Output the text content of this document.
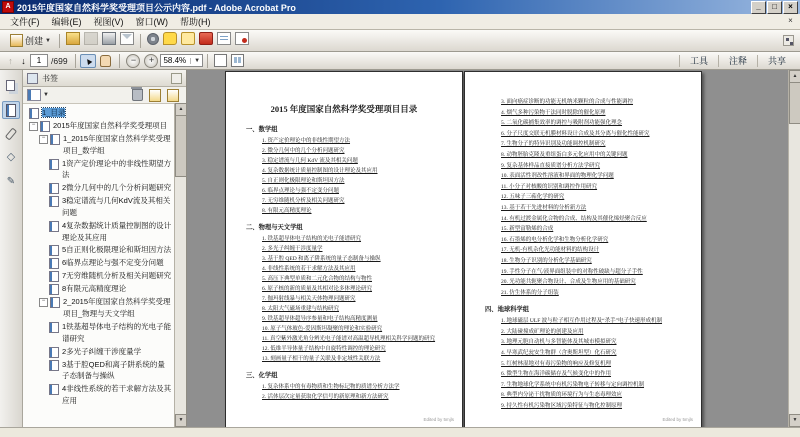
A 2015年度国家自然科学奖受理项目公示内容.pdf - Adobe Acrobat Pro	_	□	×
文件(F)	编辑(E)	视图(V)	窗口(W)	帮助(H)	×
创建 ▼
↑ ↓
1	/699 ▲	−	+	58.4%	▼	工具	注释	共享
◇
✎
书签
▼
1_目录
−	2015年度国家自然科学奖受理项目
−	1_2015年度国家自然科学奖受理项目_数学组
1资产定价理论中的非线性期望方法
2微分几何中的几个分析问题研究
3稳定谱流与几何KdV流及其相关问题
4复杂数据统计质量控制图的设计理论及其应用
5自正则化极限理论和斯坦因方法
6临界点理论与强不定变分问题
7无穷维随机分析及相关问题研究
8有限元高精度理论
−	2_2015年度国家自然科学奖受理项目_物理与天文学组
1铁基超导体电子结构的光电子能谱研究
2多光子纠缠干涉度量学
3基于腔QED和离子阱系统的量子态制备与操纵
4非线性系统的若干求解方法及其应用
▲
▼
2015 年度国家自然科学奖受理项目目录
一、数学组
1. 资产定价理论中的非线性期望方法
2. 微分几何中的几个分析问题研究
3. 稳定谱流与几何 KdV 流及其相关问题
4. 复杂数据统计质量控制图的设计理论及其应用
5. 自正则化极限理论和斯坦因方法
6. 临界点理论与强不定变分问题
7. 无穷维随机分析及相关问题研究
8. 有限元高精度理论
二、物理与天文学组
1. 铁基超导体电子结构的光电子能谱研究
2. 多光子纠缠干涉度量学
3. 基于腔 QED 和离子阱系统的量子态制备与操纵
4. 非线性系统的若干求解方法及其应用
5. 高压下典型单质和二元化合物的结构与物性
6. 原子核的新的质量及其相对论多体理论研究
7. 伽玛射线暴与相关天体物理问题研究
8. 太阳大气磁场重建与结构研究
9. 铁基超导体超导序参量和电子结构高精度测量
10. 原子气体玻色-爱因斯坦凝聚的理论和实验研究
11. 真空紫外激光角分辨光电子能谱对高温超导机理相关科学问题的研究
12. 低维半导体量子结构中自旋特性调控的理论研究
13. 刻画量子相干的量子关联及非定域性关联方法
三、化学组
1. 复杂体系中的有毒物质和生物标记物的质谱分析方法学
2. 活体层次定量获取化学信号的新原理和新方法研究
Edited by 5mjls
3. 面向癌症诊断的功能无机纳米颗粒的合成与性能调控
4. 烟气多种污染物干法同时脱除的催化原理
5. 二氧化碳捕集效率的调控与吸附剂功能强化理念
6. 分子尺度交联无机膜材料设计合成及其分离与催化性能研究
7. 生物分子的特异识别及功能调控机制研究
8. 动物胚胎克隆及重组蛋白多元化应用中的关键问题
9. 复杂基体样品直接质谱分析方法学研究
10. 表面活性剂改性溶液和界面的物理化学问题
11. 小分子对核酸的识别和调控作用研究
12. 五味子三萜化学的研究
13. 基于若干先进材料的分析新方法
14. 有机过渡金属化合物的合成、结构及其催化烯烃聚合反应
15. 新型富勒烯的合成
16. 石墨烯的电分析化学和生物分析化学研究
17. 无机-有机杂化光功能材料的结构设计
18. 生物分子识别的分析化学基础研究
19. 手性分子在气/液界面组装中的对称性破缺与超分子手性
20. 光功能共轭聚合物设计、合成及生物应用的基础研究
21. 仿生体系的分子组装
四、地球科学组
1. 地球磁层 ULF 波与粒子相互作用过程及“杀手”电子快速形成机制
2. 大陆碰撞成矿理论的创建及应用
3. 地理元胞自动机与多智能体及其城市模拟研究
4. 早寒武纪瓮安生物群（含奥斯坦型）化石研究
5. 红树林湿地对有毒污染物的响应及修复机理
6. 微型生物在海洋碳储存及气候变化中的作用
7. 生物地球化学系统中有机污染物电子转移与定向调控机制
8. 典型内分泌干扰物质的环境行为与生态毒理效应
9. 持久性有机污染物区域污染特征与物化控制原理
Edited by 5mjls
▲
▼
